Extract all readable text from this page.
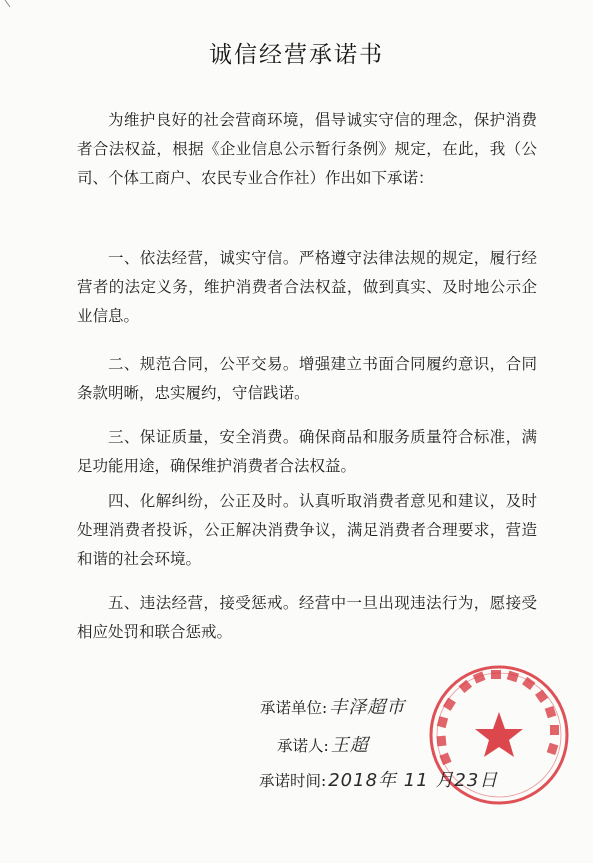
诚信经营承诺书

为维护良好的社会营商环境，倡导诚实守信的理念，保护消费者合法权益，根据《企业信息公示暂行条例》规定，在此，我（公司、个体工商户、农民专业合作社）作出如下承诺：

一、依法经营，诚实守信。严格遵守法律法规的规定，履行经营者的法定义务，维护消费者合法权益，做到真实、及时地公示企业信息。

二、规范合同，公平交易。增强建立书面合同履约意识，合同条款明晰，忠实履约，守信践诺。

三、保证质量，安全消费。确保商品和服务质量符合标准，满足功能用途，确保维护消费者合法权益。

四、化解纠纷，公正及时。认真听取消费者意见和建议，及时处理消费者投诉，公正解决消费争议，满足消费者合理要求，营造和谐的社会环境。

五、违法经营，接受惩戒。经营中一旦出现违法行为，愿接受相应处罚和联合惩戒。

承诺单位: 丰泽超市
承诺人: 王超
承诺时间: 2018年 11 月23日
